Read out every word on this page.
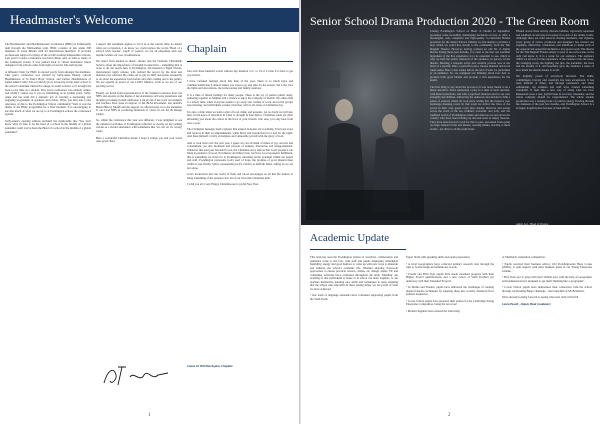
Headmaster's Welcome

The Headmasters' and Headmistresses' Conference (HMC) is traditionally held through the Michaelmas term. HMC consists of just under 300 members in Great Britain with 50 international members. It provides professional support for many of the world's leading independent schools. Last year's London conference was held online, and, as with so many of the traditional events, it was pushed back to virtual attendance where delegates from schools came from right across the UK and beyond.

A different Chair for HMC is elected yearly from amongst the members. This year's conference was chaired by Sally-Anne Huang, current Headmistress of St Paul's Boys' School, and former Headmistress of James Allen's Girls' School (JAGS) (so it is known) in the sister school to the school I attended. Dulwich College, in south London, so it brought me back to my time as a student. This year's conference was entirely online, and whilst I cannot say it was as stimulating as in normal years, Sally-Anne and her team did a fantastic job of curating a fascinating and engaging programme of speakers and events. What, you may ask, is the relevance of this to the Pocklington School community? Well, it was the theme of the HMC programme for a brief moment; it is encouraging to see that much of what we are up to at Pocklington echoes the conference agenda.

Sally-Anne's opening address included the memorable line 'You don't know what it's like to be the head of a school in the middle of a global pandemic, until you've been the Head of a school in the middle of a global pandemic!'

I respect this sentiment applies to all of us at the current time, no matter what our occupation. I do know we could replace the words 'Head of a school' with 'teacher', 'pupil' or 'parent'; we are all empathise with one another within our own circumstances.

We heard from leaders in music, theatre and the National Citizenship Service about the importance of breadth in education – something that is close to all our hearts here at Pocklington. We listened to Nigel Owens, international rugby referee, who tackled the record for the most test matches ever refereed. He came out as gay in 2007 and spoke eloquently to us about his experience both before and after coming out to the public. We are equally as proud of our LGBT Alliance work as we are of our sporting record.

Finally, we heard from representatives of the Stephen Lawrence trust, the NHS and experts on the theme of decolonisation. All were passionate and thought provoking in their addresses. I am proud of the work our students and teachers have done in support of the BLM movement, last month's Black History Month and the support we offered early on to the pandemic to our local NHS in producing hundreds of visors in our Art & Design Centre.

So, whilst the conference this year was different, I was delighted to see the enhanced activities at Pocklington reflected so clearly on my tacking certain as a virtual attendance with teammates like 'we can' on 'no wrong' route'.

Here a wonderful Christmas break; I hope it brings you and your loved ones good cheer.

Chaplain

Just over three hundred words without any mention of C or 19 or Li that it is here to get you started.

I have confused feelings about this time of the year. There is so much hype and commercialism that it almost makes you want to go and shut for the season. Yet I also love the lights and decorations, the home parties and family reunions.

It is a time of mixed feelings for many people. There is the joy of parties (small ones), gathering together as families and a chance to enjoy the company of friends. We others find it a lonely time, when everyone seems to go away; the routine of work and social groups stop meeting, and individuals wonder what they will do all alone on Christmas day.

It is also a time when we learn a glut of food, drink, and presents, yet no doubt we will also hear on the news of starvation in Chad or drought in East Africa. Christmas cards are often informing you about the events in the lives of your friends, who else, you only hear from once a year.

The Christmas message itself captures this tension between all or nothing. Everyone stops and rejoices in their accomplishments, while Mary and Joseph bent for a bed for the night. And there himself: a baby on helpless and vulnerable yet full with the glory of God.

And to look back over the past year, I guess we can all think of times of joy, success and contentment, yet also moments and periods of sadness, frustration and disappointment. Whatever this past year has held for us, the Christmas story tells us that God's presence can bring an element of Good, Providence and Mercy into our lives. God represents fulfilment, this is something we strive for at Pocklington, releasing all the potential within our pupils and staff. Pocklington represents God's seed of hope, the promise of good planted deep within it and, finally, Spirit, representing God's comfort at difficult times, telling us we are not alone.

God's incarnation into the world of flesh and blood encourages us all that He desires to bring something of his presence into all of our lives this Christmas time.

I wish you all a very Happy Christmas and a joyful New Year.

Canon Dr Bill Harrington, Chaplain
1
Senior School Drama Production 2020 - The Green Room

Joining Pocklington School as Head of Drama in September presented some incredibly challenging decisions on how to offer a meaningful, safe, compliant and high-quality co-curricular Drama provision for the Senior School. Initially we felt unable to produce a play which we could live stream to the community from the Tim Dagnall Theatre. However, having realised an odd list of digital theatre during these past months, it is clear to me that one essential ingredient of the live experience is to be essential: to see, which is why we held the public rehearsal of the audience, in person, in the theatre. Meeting a bespoke script and creative process was at the heart of a specific time, a particular place, theatre moment and in its truest sense. Here a few weeks before the end of term we performed to an audience. So, we realigned our thinking about how best to produce both good Drama and provide a rich experience for the pupils.

The first thing to say about the process is it was never meant to be a linear narrative. Since rehearsing a play in a time of such restraint, with these restrictions, and with a pupil-led situation and for our own strengths and abilities, embracing the unknown and decided to film a series of extracts which all took place within this the theatre's own backstage dressing room. In that room we follow the lives of the actors in their own green room play, theatre directors and young actors the work of the tea, brilliant, powerful, and jolly, and the sanitised world of Pocklington artists and directors up and down the country who have been holding up devoted seats in empty theatres. They have been forced to wait for this to pass, prevented from going on stage. Instead of the real theatre, wearing masks, reacting to these events - not alive to all the restrictions.

Filmed across three strictly discrete bubbles, rigorously separated and sanitised, its success is in respect for each of the drama it tells. Although there are brief extracts, fleeting moments, and vignette, every group of actors, producers and designers has created one exquisite, distinctive, considered, and ambitious to make each of the separate but respectful moments a true green room. The theatre for the Tim Dagnall Theatre empty to play to see each scene, as the only cast know it. It is a scene for our audience. The audience which we all love for the experience of the cinema room, the tense, the swinging room, the lighting, the plot, the pandemic, the fears and the dreams of it, and hopefully gave the audience a sense of how much the theatre means to us all.

We mightily proud of everybody involved. The skills, commitment, bravery and creativity has been exceptional. It has been difficult at times, and through persistence and sheer enthusiasm, our students and staff have created something wonderful. It feels like a new way of doing what we love. Rehearsals were a rare, joyful break in our busy schedules, and the whole company should be congratulated. The whole student production was a rousing boast of positive energy flowing through the darkness of the past few months, and Pocklington School is a stronger, hopeful place because of their efforts.

Adam Lee, Head of Drama
Academic Update

This term has seen the Pocklington virtues of creativity, collaboration and resilience come to the fore, with staff and pupils displaying remarkable flexibility, energy and good humour to come up with new ways to maintain and enhance the school's academic life. Whether adapting classroom approaches to ensure practical science, drama, art, design, music, PE and computing activities have continued throughout the term; 'blending' our teaching so that individuals at home or in school can learn together; or our teachers themselves learning new skills and techniques to keep ensuring that the school runs smoothly in these testing times, we are proud of what we have achieved.

• Our team of language assistants have continued supporting pupils from the Sixth Form.

Upper Sixth with speaking skills and exam preparation.

• A level Geographers have collected primary research data through the trips to Scarborough and Allerthorpe woods.

• Fourth and Fifth Year pupils have made excellent progress with their Higher Project Qualifications and a new cohort of Sixth Formers got underway with their Extended Projects.

• In Drama and Theatre, pupils have embraced the challenges of creating physical theatre techniques by adapting these into socially distanced floor patterns sequences.

• Lower School pupils have prepared their entries for the Cambridge Young Enterprise Competition, being the best ever!

• Modern linguists have entered the University

of Sheffield's translation competition.

• Pupils received their business advice; Old Pocklingtonian Hana Cooke (2000s), to gain support with their business plans in our Young Enterprise scheme.

• First Years got to grips with their 'bubble area' with the help of Geographer environmental survey designed to get them 'thinking like a geographer'.

• Lower School pupils have maintained their connection with the school through our Reading Bingo challenge – the brainchild of Mr Bradshaw.

We're already looking forward to seeing what next term will hold!

Laura Powell - Deputy Head (Academic)

2
